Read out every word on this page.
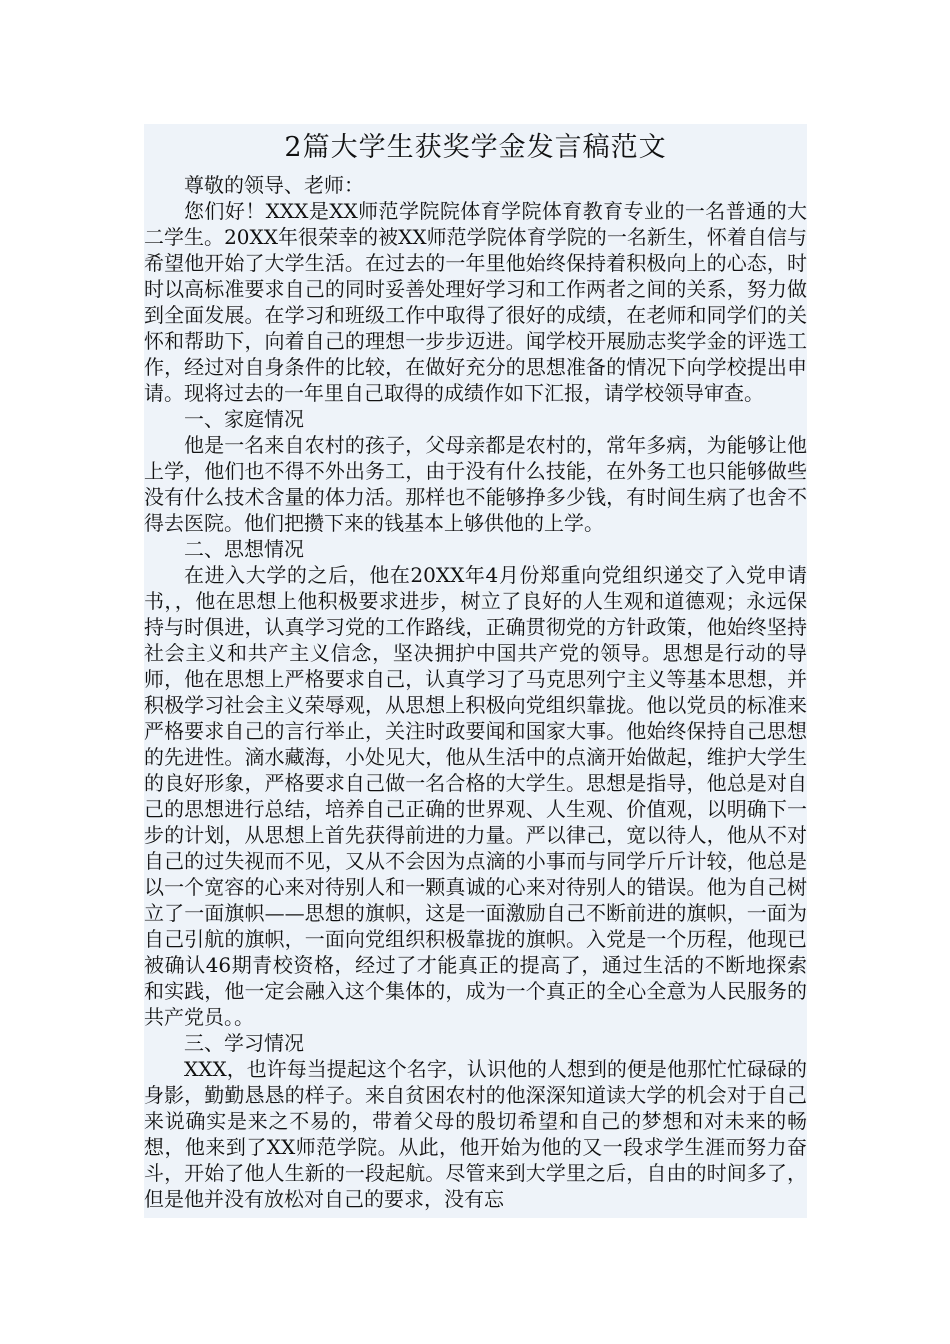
2篇大学生获奖学金发言稿范文

尊敬的领导、老师：

您们好！XXX是XX师范学院院体育学院体育教育专业的一名普通的大二学生。20XX年很荣幸的被XX师范学院体育学院的一名新生，怀着自信与希望他开始了大学生活。在过去的一年里他始终保持着积极向上的心态，时时以高标准要求自己的同时妥善处理好学习和工作两者之间的关系，努力做到全面发展。在学习和班级工作中取得了很好的成绩，在老师和同学们的关怀和帮助下，向着自己的理想一步步迈进。闻学校开展励志奖学金的评选工作，经过对自身条件的比较，在做好充分的思想准备的情况下向学校提出申请。现将过去的一年里自己取得的成绩作如下汇报，请学校领导审查。

一、家庭情况

他是一名来自农村的孩子，父母亲都是农村的，常年多病，为能够让他上学，他们也不得不外出务工，由于没有什么技能，在外务工也只能够做些没有什么技术含量的体力活。那样也不能够挣多少钱，有时间生病了也舍不得去医院。他们把攒下来的钱基本上够供他的上学。

二、思想情况

在进入大学的之后，他在20XX年4月份郑重向党组织递交了入党申请书，，他在思想上他积极要求进步，树立了良好的人生观和道德观；永远保持与时俱进，认真学习党的工作路线，正确贯彻党的方针政策，他始终坚持社会主义和共产主义信念，坚决拥护中国共产党的领导。思想是行动的导师，他在思想上严格要求自己，认真学习了马克思列宁主义等基本思想，并积极学习社会主义荣辱观，从思想上积极向党组织靠拢。他以党员的标准来严格要求自己的言行举止，关注时政要闻和国家大事。他始终保持自己思想的先进性。滴水藏海，小处见大，他从生活中的点滴开始做起，维护大学生的良好形象，严格要求自己做一名合格的大学生。思想是指导，他总是对自己的思想进行总结，培养自己正确的世界观、人生观、价值观，以明确下一步的计划，从思想上首先获得前进的力量。严以律己，宽以待人，他从不对自己的过失视而不见，又从不会因为点滴的小事而与同学斤斤计较，他总是以一个宽容的心来对待别人和一颗真诚的心来对待别人的错误。他为自己树立了一面旗帜——思想的旗帜，这是一面激励自己不断前进的旗帜，一面为自己引航的旗帜，一面向党组织积极靠拢的旗帜。入党是一个历程，他现已被确认46期青校资格，经过了才能真正的提高了，通过生活的不断地探索和实践，他一定会融入这个集体的，成为一个真正的全心全意为人民服务的共产党员。。

三、学习情况

XXX，也许每当提起这个名字，认识他的人想到的便是他那忙忙碌碌的身影，勤勤恳恳的样子。来自贫困农村的他深深知道读大学的机会对于自己来说确实是来之不易的，带着父母的殷切希望和自己的梦想和对未来的畅想，他来到了XX师范学院。从此，他开始为他的又一段求学生涯而努力奋斗，开始了他人生新的一段起航。尽管来到大学里之后，自由的时间多了，但是他并没有放松对自己的要求，没有忘
